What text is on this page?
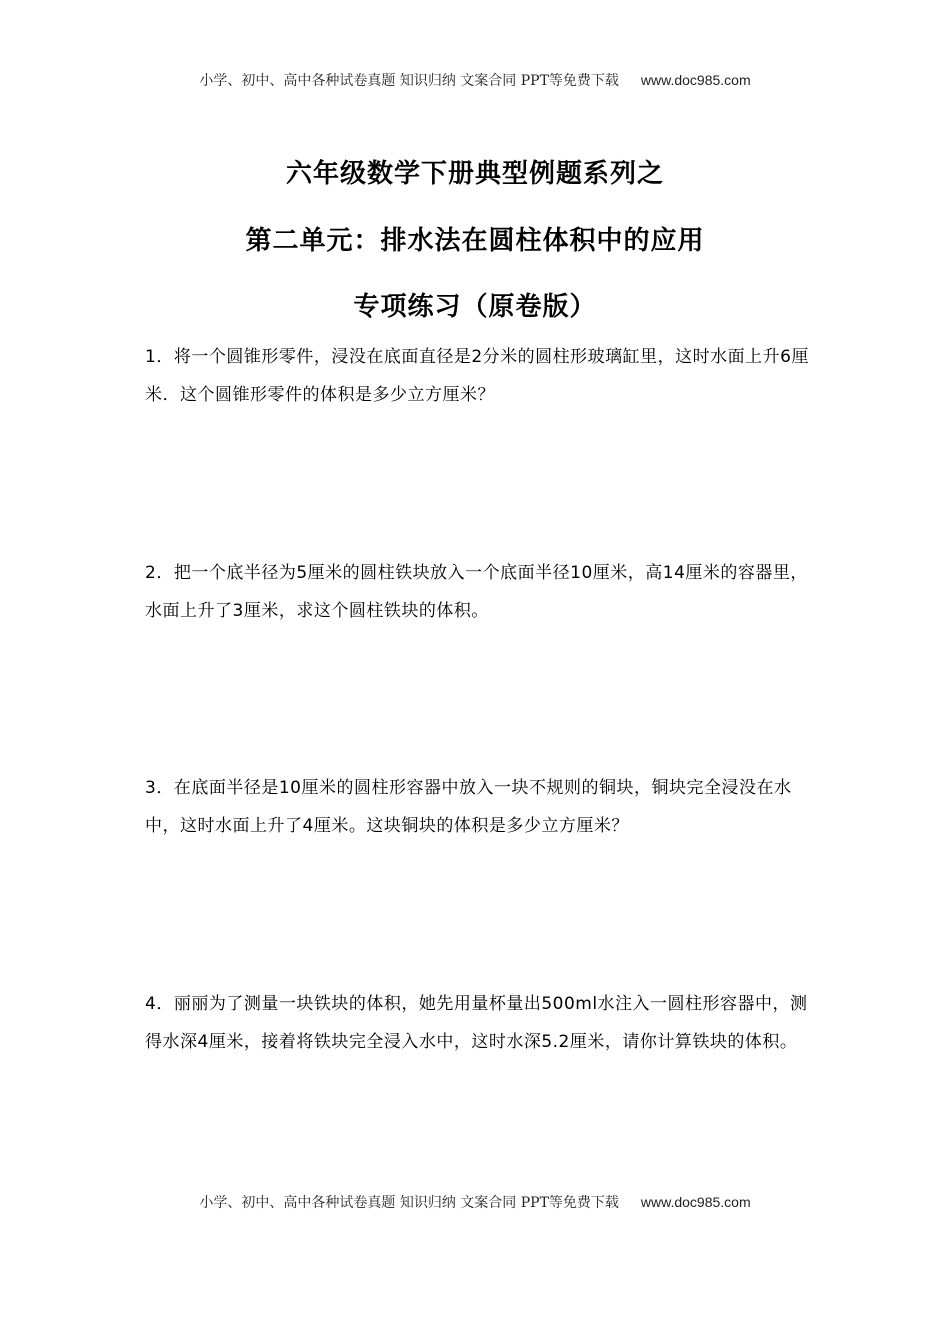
小学、初中、高中各种试卷真题 知识归纳 文案合同 PPT等免费下载 www.doc985.com
六年级数学下册典型例题系列之
第二单元：排水法在圆柱体积中的应用
专项练习（原卷版）

1．将一个圆锥形零件，浸没在底面直径是2分米的圆柱形玻璃缸里，这时水面上升6厘米．这个圆锥形零件的体积是多少立方厘米？

2．把一个底半径为5厘米的圆柱铁块放入一个底面半径10厘米，高14厘米的容器里，水面上升了3厘米，求这个圆柱铁块的体积。

3．在底面半径是10厘米的圆柱形容器中放入一块不规则的铜块，铜块完全浸没在水中，这时水面上升了4厘米。这块铜块的体积是多少立方厘米？

4．丽丽为了测量一块铁块的体积，她先用量杯量出500ml水注入一圆柱形容器中，测得水深4厘米，接着将铁块完全浸入水中，这时水深5.2厘米，请你计算铁块的体积。

小学、初中、高中各种试卷真题 知识归纳 文案合同 PPT等免费下载 www.doc985.com
